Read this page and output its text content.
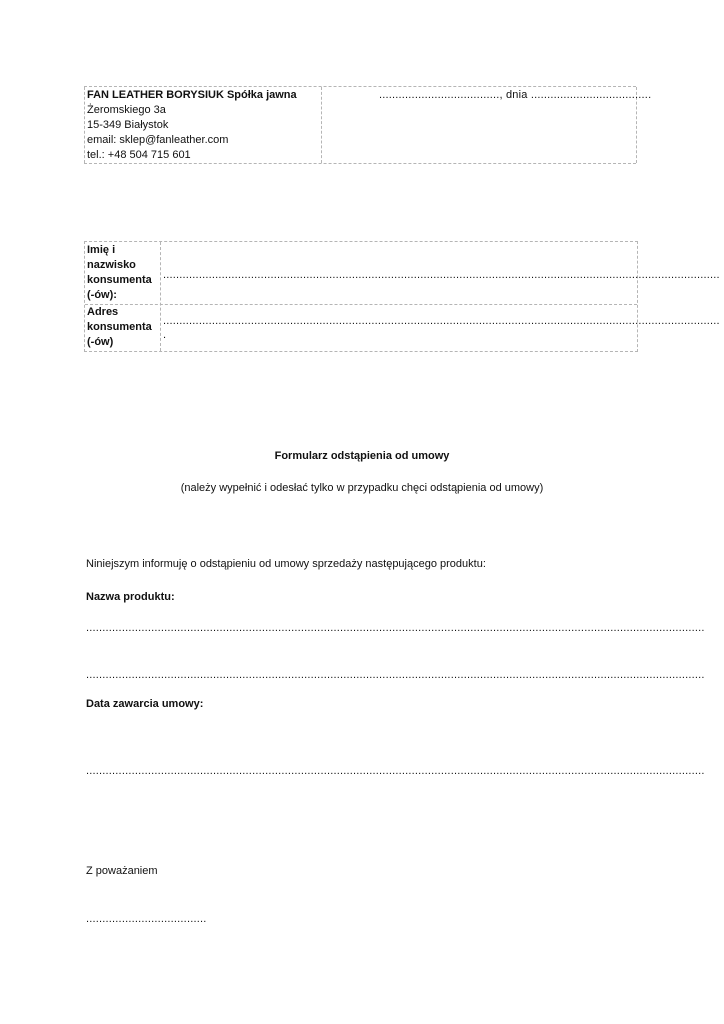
FAN LEATHER BORYSIUK Spółka jawna
Żeromskiego 3a
15-349 Białystok
email: sklep@fanleather.com
tel.: +48 504 715 601
....................................., dnia .....................................
Imię i nazwisko konsumenta (-ów):
...........................................................................................................................................................................
Adres konsumenta (-ów)
...........................................................................................................................................................................
.
Formularz odstąpienia od umowy
(należy wypełnić i odesłać tylko w przypadku chęci odstąpienia od umowy)
Niniejszym informuję o odstąpieniu od umowy sprzedaży następującego produktu:
Nazwa produktu:
..............................................................................................................................................................................................
..............................................................................................................................................................................................
Data zawarcia umowy:
..............................................................................................................................................................................................
Z poważaniem
.....................................
